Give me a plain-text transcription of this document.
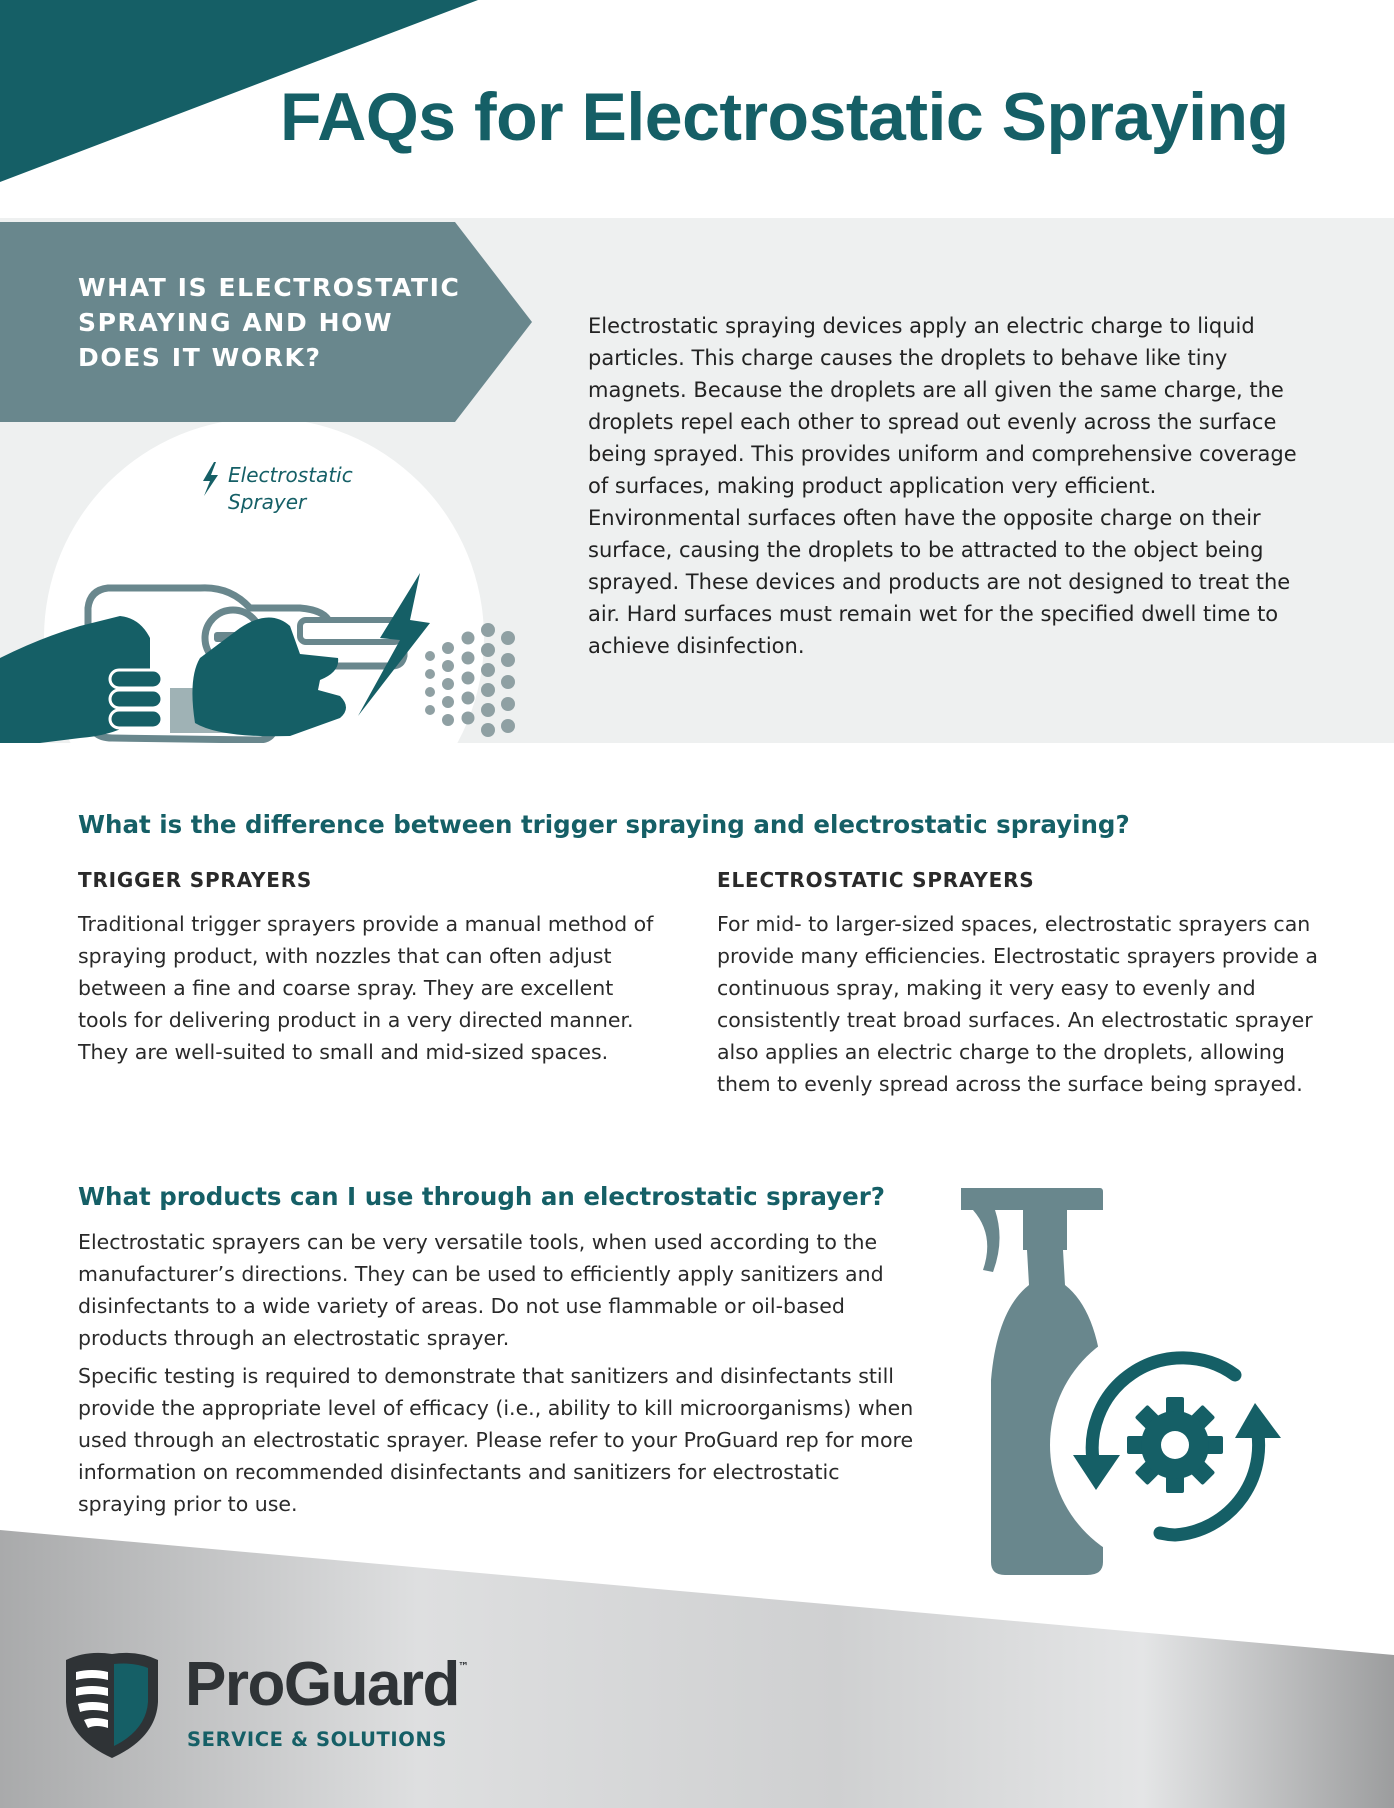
FAQs for Electrostatic Spraying
WHAT IS ELECTROSTATIC SPRAYING AND HOW DOES IT WORK?
Electrostatic Sprayer

Electrostatic spraying devices apply an electric charge to liquid particles. This charge causes the droplets to behave like tiny magnets. Because the droplets are all given the same charge, the droplets repel each other to spread out evenly across the surface being sprayed. This provides uniform and comprehensive coverage of surfaces, making product application very efficient. Environmental surfaces often have the opposite charge on their surface, causing the droplets to be attracted to the object being sprayed. These devices and products are not designed to treat the air. Hard surfaces must remain wet for the specified dwell time to achieve disinfection.

What is the difference between trigger spraying and electrostatic spraying?
TRIGGER SPRAYERS	ELECTROSTATIC SPRAYERS

Traditional trigger sprayers provide a manual method of spraying product, with nozzles that can often adjust between a fine and coarse spray. They are excellent tools for delivering product in a very directed manner. They are well-suited to small and mid-sized spaces.

For mid- to larger-sized spaces, electrostatic sprayers can provide many efficiencies. Electrostatic sprayers provide a continuous spray, making it very easy to evenly and consistently treat broad surfaces. An electrostatic sprayer also applies an electric charge to the droplets, allowing them to evenly spread across the surface being sprayed.

What products can I use through an electrostatic sprayer?

Electrostatic sprayers can be very versatile tools, when used according to the manufacturer’s directions. They can be used to efficiently apply sanitizers and disinfectants to a wide variety of areas. Do not use flammable or oil-based products through an electrostatic sprayer.

Specific testing is required to demonstrate that sanitizers and disinfectants still provide the appropriate level of efficacy (i.e., ability to kill microorganisms) when used through an electrostatic sprayer. Please refer to your ProGuard rep for more information on recommended disinfectants and sanitizers for electrostatic spraying prior to use.

ProGuard ™
SERVICE & SOLUTIONS
